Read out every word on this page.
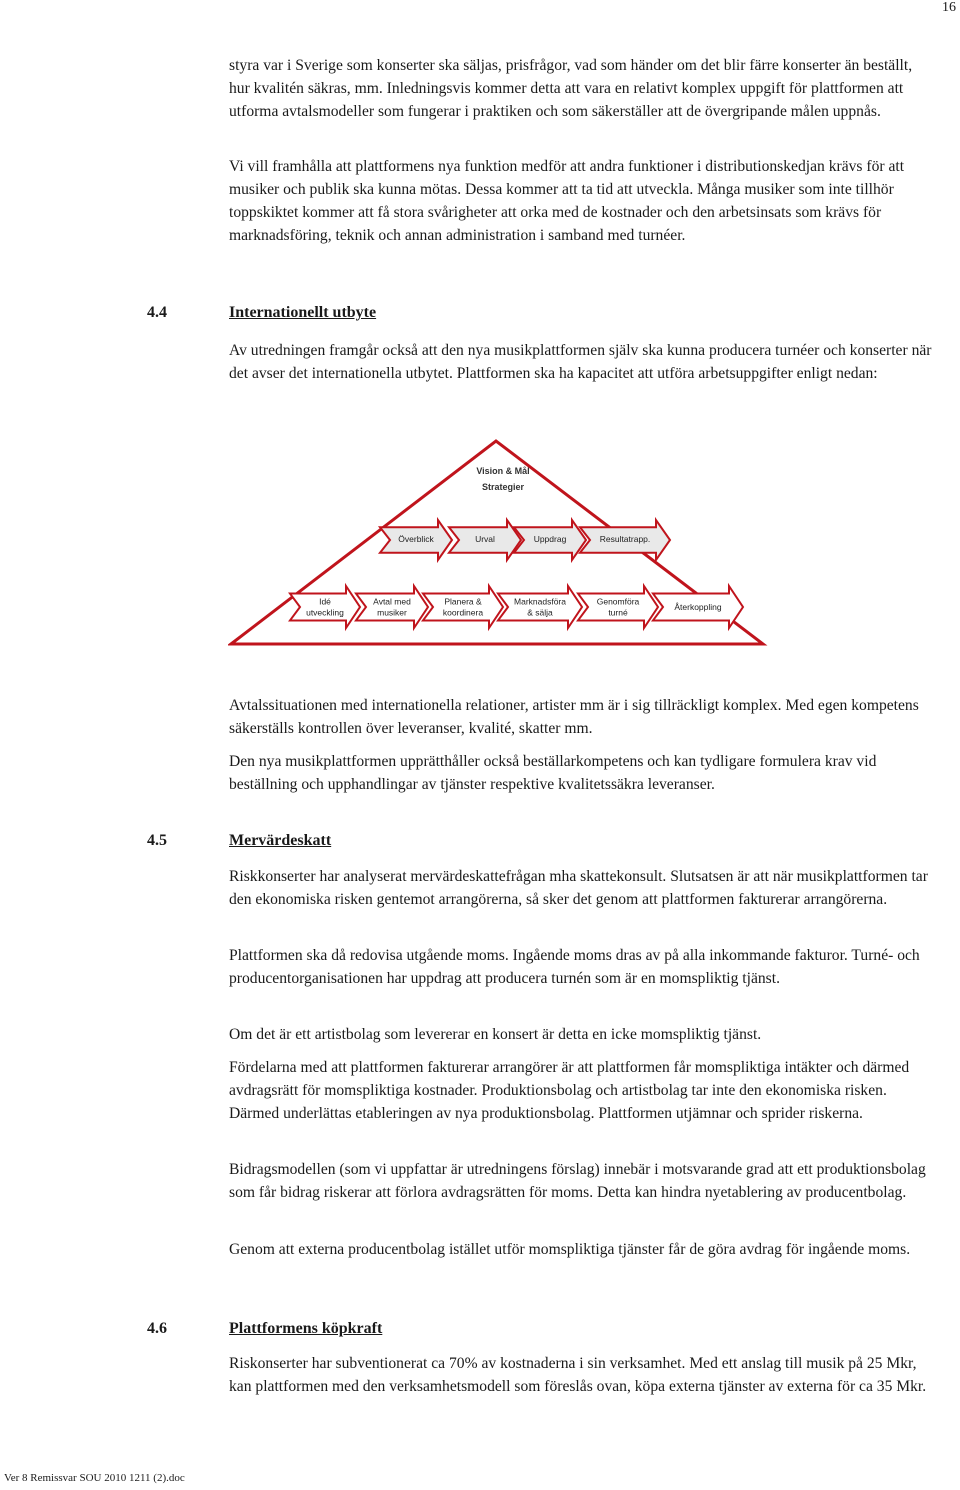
16

styra var i Sverige som konserter ska säljas, prisfrågor, vad som händer om det blir färre konserter än beställt, hur kvalitén säkras, mm. Inledningsvis kommer detta att vara en relativt komplex uppgift för plattformen att utforma avtalsmodeller som fungerar i praktiken och som säkerställer att de övergripande målen uppnås.

Vi vill framhålla att plattformens nya funktion medför att andra funktioner i distributionskedjan krävs för att musiker och publik ska kunna mötas. Dessa kommer att ta tid att utveckla. Många musiker som inte tillhör toppskiktet kommer att få stora svårigheter att orka med de kostnader och den arbetsinsats som krävs för marknadsföring, teknik och annan administration i samband med turnéer.

4.4	Internationellt utbyte

Av utredningen framgår också att den nya musikplattformen själv ska kunna producera turnéer och konserter när det avser det internationella utbytet. Plattformen ska ha kapacitet att utföra arbetsuppgifter enligt nedan:

Överblick	Urval	Uppdrag	Resultatrapp.
Idé
utveckling
Avtal med
musiker
Planera &
koordinera
Marknadsföra
& sälja
Genomföra
turné
Återkoppling
Vision & Mål
Strategier

Avtalssituationen med internationella relationer, artister mm är i sig tillräckligt komplex. Med egen kompetens säkerställs kontrollen över leveranser, kvalité, skatter mm.

Den nya musikplattformen upprätthåller också beställarkompetens och kan tydligare formulera krav vid beställning och upphandlingar av tjänster respektive kvalitetssäkra leveranser.

4.5	Mervärdeskatt

Riskkonserter har analyserat mervärdeskattefrågan mha skattekonsult. Slutsatsen är att när musikplattformen tar den ekonomiska risken gentemot arrangörerna, så sker det genom att plattformen fakturerar arrangörerna.

Plattformen ska då redovisa utgående moms. Ingående moms dras av på alla inkommande fakturor. Turné- och producentorganisationen har uppdrag att producera turnén som är en momspliktig tjänst.

Om det är ett artistbolag som levererar en konsert är detta en icke momspliktig tjänst.

Fördelarna med att plattformen fakturerar arrangörer är att plattformen får momspliktiga intäkter och därmed avdragsrätt för momspliktiga kostnader. Produktionsbolag och artistbolag tar inte den ekonomiska risken. Därmed underlättas etableringen av nya produktionsbolag. Plattformen utjämnar och sprider riskerna.

Bidragsmodellen (som vi uppfattar är utredningens förslag) innebär i motsvarande grad att ett produktionsbolag som får bidrag riskerar att förlora avdragsrätten för moms. Detta kan hindra nyetablering av producentbolag.

Genom att externa producentbolag istället utför momspliktiga tjänster får de göra avdrag för ingående moms.

4.6	Plattformens köpkraft

Riskonserter har subventionerat ca 70% av kostnaderna i sin verksamhet. Med ett anslag till musik på 25 Mkr, kan plattformen med den verksamhetsmodell som föreslås ovan, köpa externa tjänster av externa för ca 35 Mkr.

Ver 8 Remissvar SOU 2010 1211 (2).doc
